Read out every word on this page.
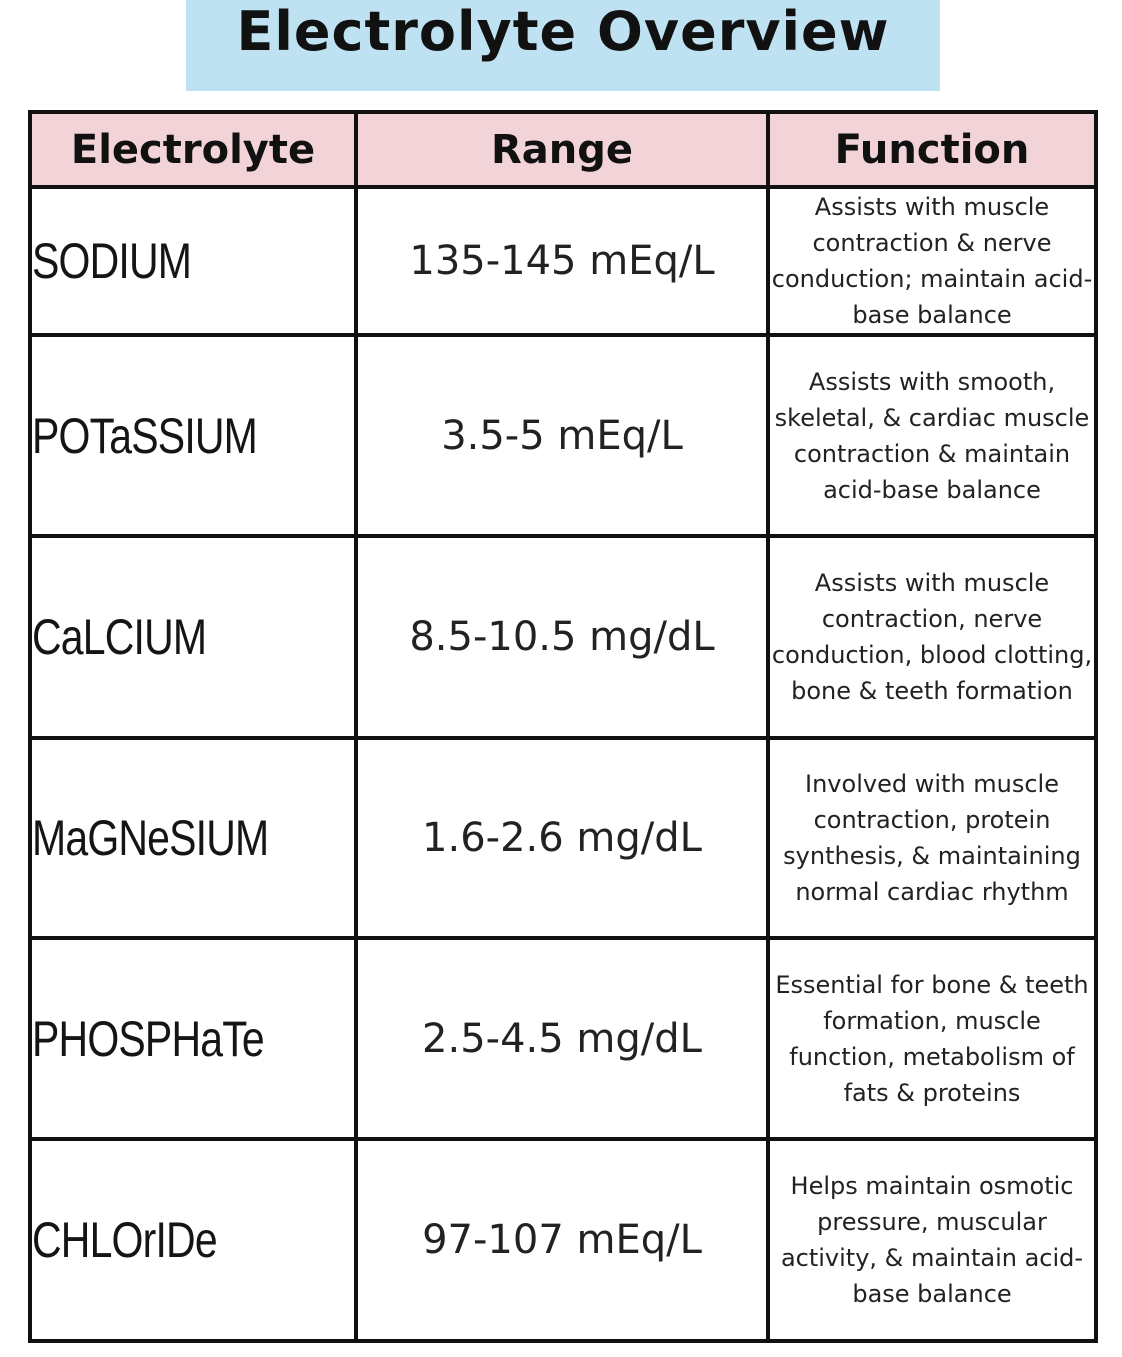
Electrolyte Overview
Electrolyte	Range	Function
SODIUM	135-145 mEq/L	Assists with muscle contraction & nerve conduction; maintain acid-base balance
POTaSSIUM	3.5-5 mEq/L	Assists with smooth, skeletal, & cardiac muscle contraction & maintain acid-base balance
CaLCIUM	8.5-10.5 mg/dL	Assists with muscle contraction, nerve conduction, blood clotting, bone & teeth formation
MaGNeSIUM	1.6-2.6 mg/dL	Involved with muscle contraction, protein synthesis, & maintaining normal cardiac rhythm
PHOSPHaTe	2.5-4.5 mg/dL	Essential for bone & teeth formation, muscle function, metabolism of fats & proteins
CHLOrIDe	97-107 mEq/L	Helps maintain osmotic pressure, muscular activity, & maintain acid-base balance
